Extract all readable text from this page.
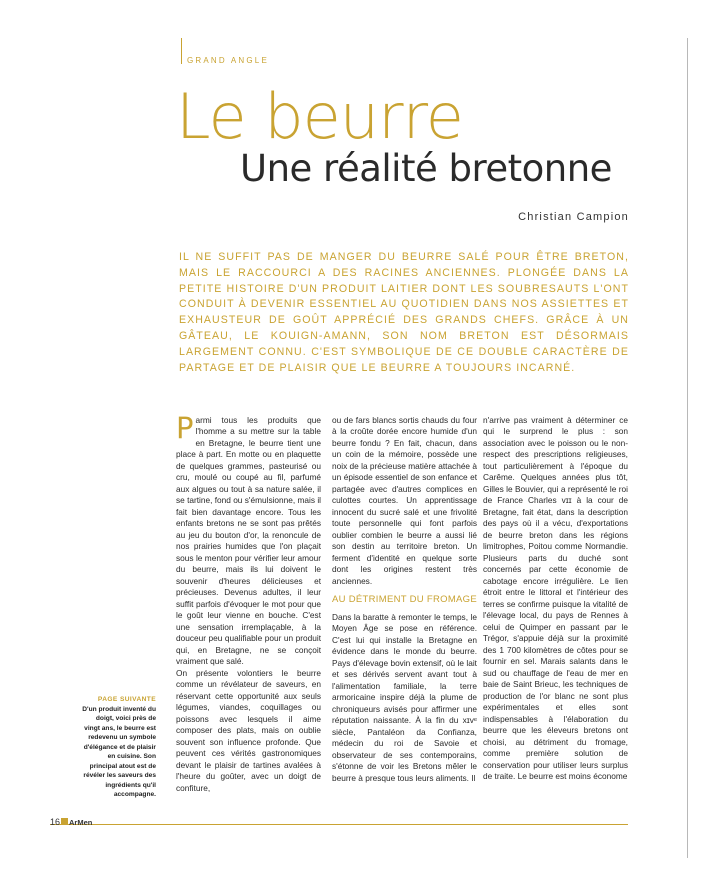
GRAND ANGLE
Le beurre
Une réalité bretonne
Christian Campion
IL NE SUFFIT PAS DE MANGER DU BEURRE SALÉ POUR ÊTRE BRETON, MAIS LE RACCOURCI A DES RACINES ANCIENNES. PLONGÉE DANS LA PETITE HISTOIRE D'UN PRODUIT LAITIER DONT LES SOUBRESAUTS L'ONT CONDUIT À DEVENIR ESSENTIEL AU QUOTIDIEN DANS NOS ASSIETTES ET EXHAUSTEUR DE GOÛT APPRÉCIÉ DES GRANDS CHEFS. GRÂCE À UN GÂTEAU, LE KOUIGN-AMANN, SON NOM BRETON EST DÉSORMAIS LARGEMENT CONNU. C'EST SYMBOLIQUE DE CE DOUBLE CARACTÈRE DE PARTAGE ET DE PLAISIR QUE LE BEURRE A TOUJOURS INCARNÉ.

Parmi tous les produits que l'homme a su mettre sur la table en Bretagne, le beurre tient une place à part. En motte ou en plaquette de quelques grammes, pasteurisé ou cru, moulé ou coupé au fil, parfumé aux algues ou tout à sa nature salée, il se tartine, fond ou s'émulsionne, mais il fait bien davantage encore. Tous les enfants bretons ne se sont pas prêtés au jeu du bouton d'or, la renoncule de nos prairies humides que l'on plaçait sous le menton pour vérifier leur amour du beurre, mais ils lui doivent le souvenir d'heures délicieuses et précieuses. Devenus adultes, il leur suffit parfois d'évoquer le mot pour que le goût leur vienne en bouche. C'est une sensation irremplaçable, à la douceur peu qualifiable pour un produit qui, en Bretagne, ne se conçoit vraiment que salé.

On présente volontiers le beurre comme un révélateur de saveurs, en réservant cette opportunité aux seuls légumes, viandes, coquillages ou poissons avec lesquels il aime composer des plats, mais on oublie souvent son influence profonde. Que peuvent ces vérités gastronomiques devant le plaisir de tartines avalées à l'heure du goûter, avec un doigt de confiture,

ou de fars blancs sortis chauds du four à la croûte dorée encore humide d'un beurre fondu ? En fait, chacun, dans un coin de la mémoire, possède une noix de la précieuse matière attachée à un épisode essentiel de son enfance et partagée avec d'autres complices en culottes courtes. Un apprentissage innocent du sucré salé et une frivolité toute personnelle qui font parfois oublier combien le beurre a aussi lié son destin au territoire breton. Un ferment d'identité en quelque sorte dont les origines restent très anciennes.

AU DÉTRIMENT DU FROMAGE

Dans la baratte à remonter le temps, le Moyen Âge se pose en référence. C'est lui qui installe la Bretagne en évidence dans le monde du beurre. Pays d'élevage bovin extensif, où le lait et ses dérivés servent avant tout à l'alimentation familiale, la terre armoricaine inspire déjà la plume de chroniqueurs avisés pour affirmer une réputation naissante. À la fin du xɪvᵉ siècle, Pantaléon da Confianza, médecin du roi de Savoie et observateur de ses contemporains, s'étonne de voir les Bretons mêler le beurre à presque tous leurs aliments. Il

n'arrive pas vraiment à déterminer ce qui le surprend le plus : son association avec le poisson ou le non-respect des prescriptions religieuses, tout particulièrement à l'époque du Carême. Quelques années plus tôt, Gilles le Bouvier, qui a représenté le roi de France Charles vɪɪ à la cour de Bretagne, fait état, dans la description des pays où il a vécu, d'exportations de beurre breton dans les régions limitrophes, Poitou comme Normandie. Plusieurs parts du duché sont concernés par cette économie de cabotage encore irrégulière. Le lien étroit entre le littoral et l'intérieur des terres se confirme puisque la vitalité de l'élevage local, du pays de Rennes à celui de Quimper en passant par le Trégor, s'appuie déjà sur la proximité des 1 700 kilomètres de côtes pour se fournir en sel. Marais salants dans le sud ou chauffage de l'eau de mer en baie de Saint Brieuc, les techniques de production de l'or blanc ne sont plus expérimentales et elles sont indispensables à l'élaboration du beurre que les éleveurs bretons ont choisi, au détriment du fromage, comme première solution de conservation pour utiliser leurs surplus de traite. Le beurre est moins économe

PAGE SUIVANTE
D'un produit inventé du doigt, voici près de vingt ans, le beurre est redevenu un symbole d'élégance et de plaisir en cuisine. Son principal atout est de révéler les saveurs des ingrédients qu'il accompagne.
16 ArMen
